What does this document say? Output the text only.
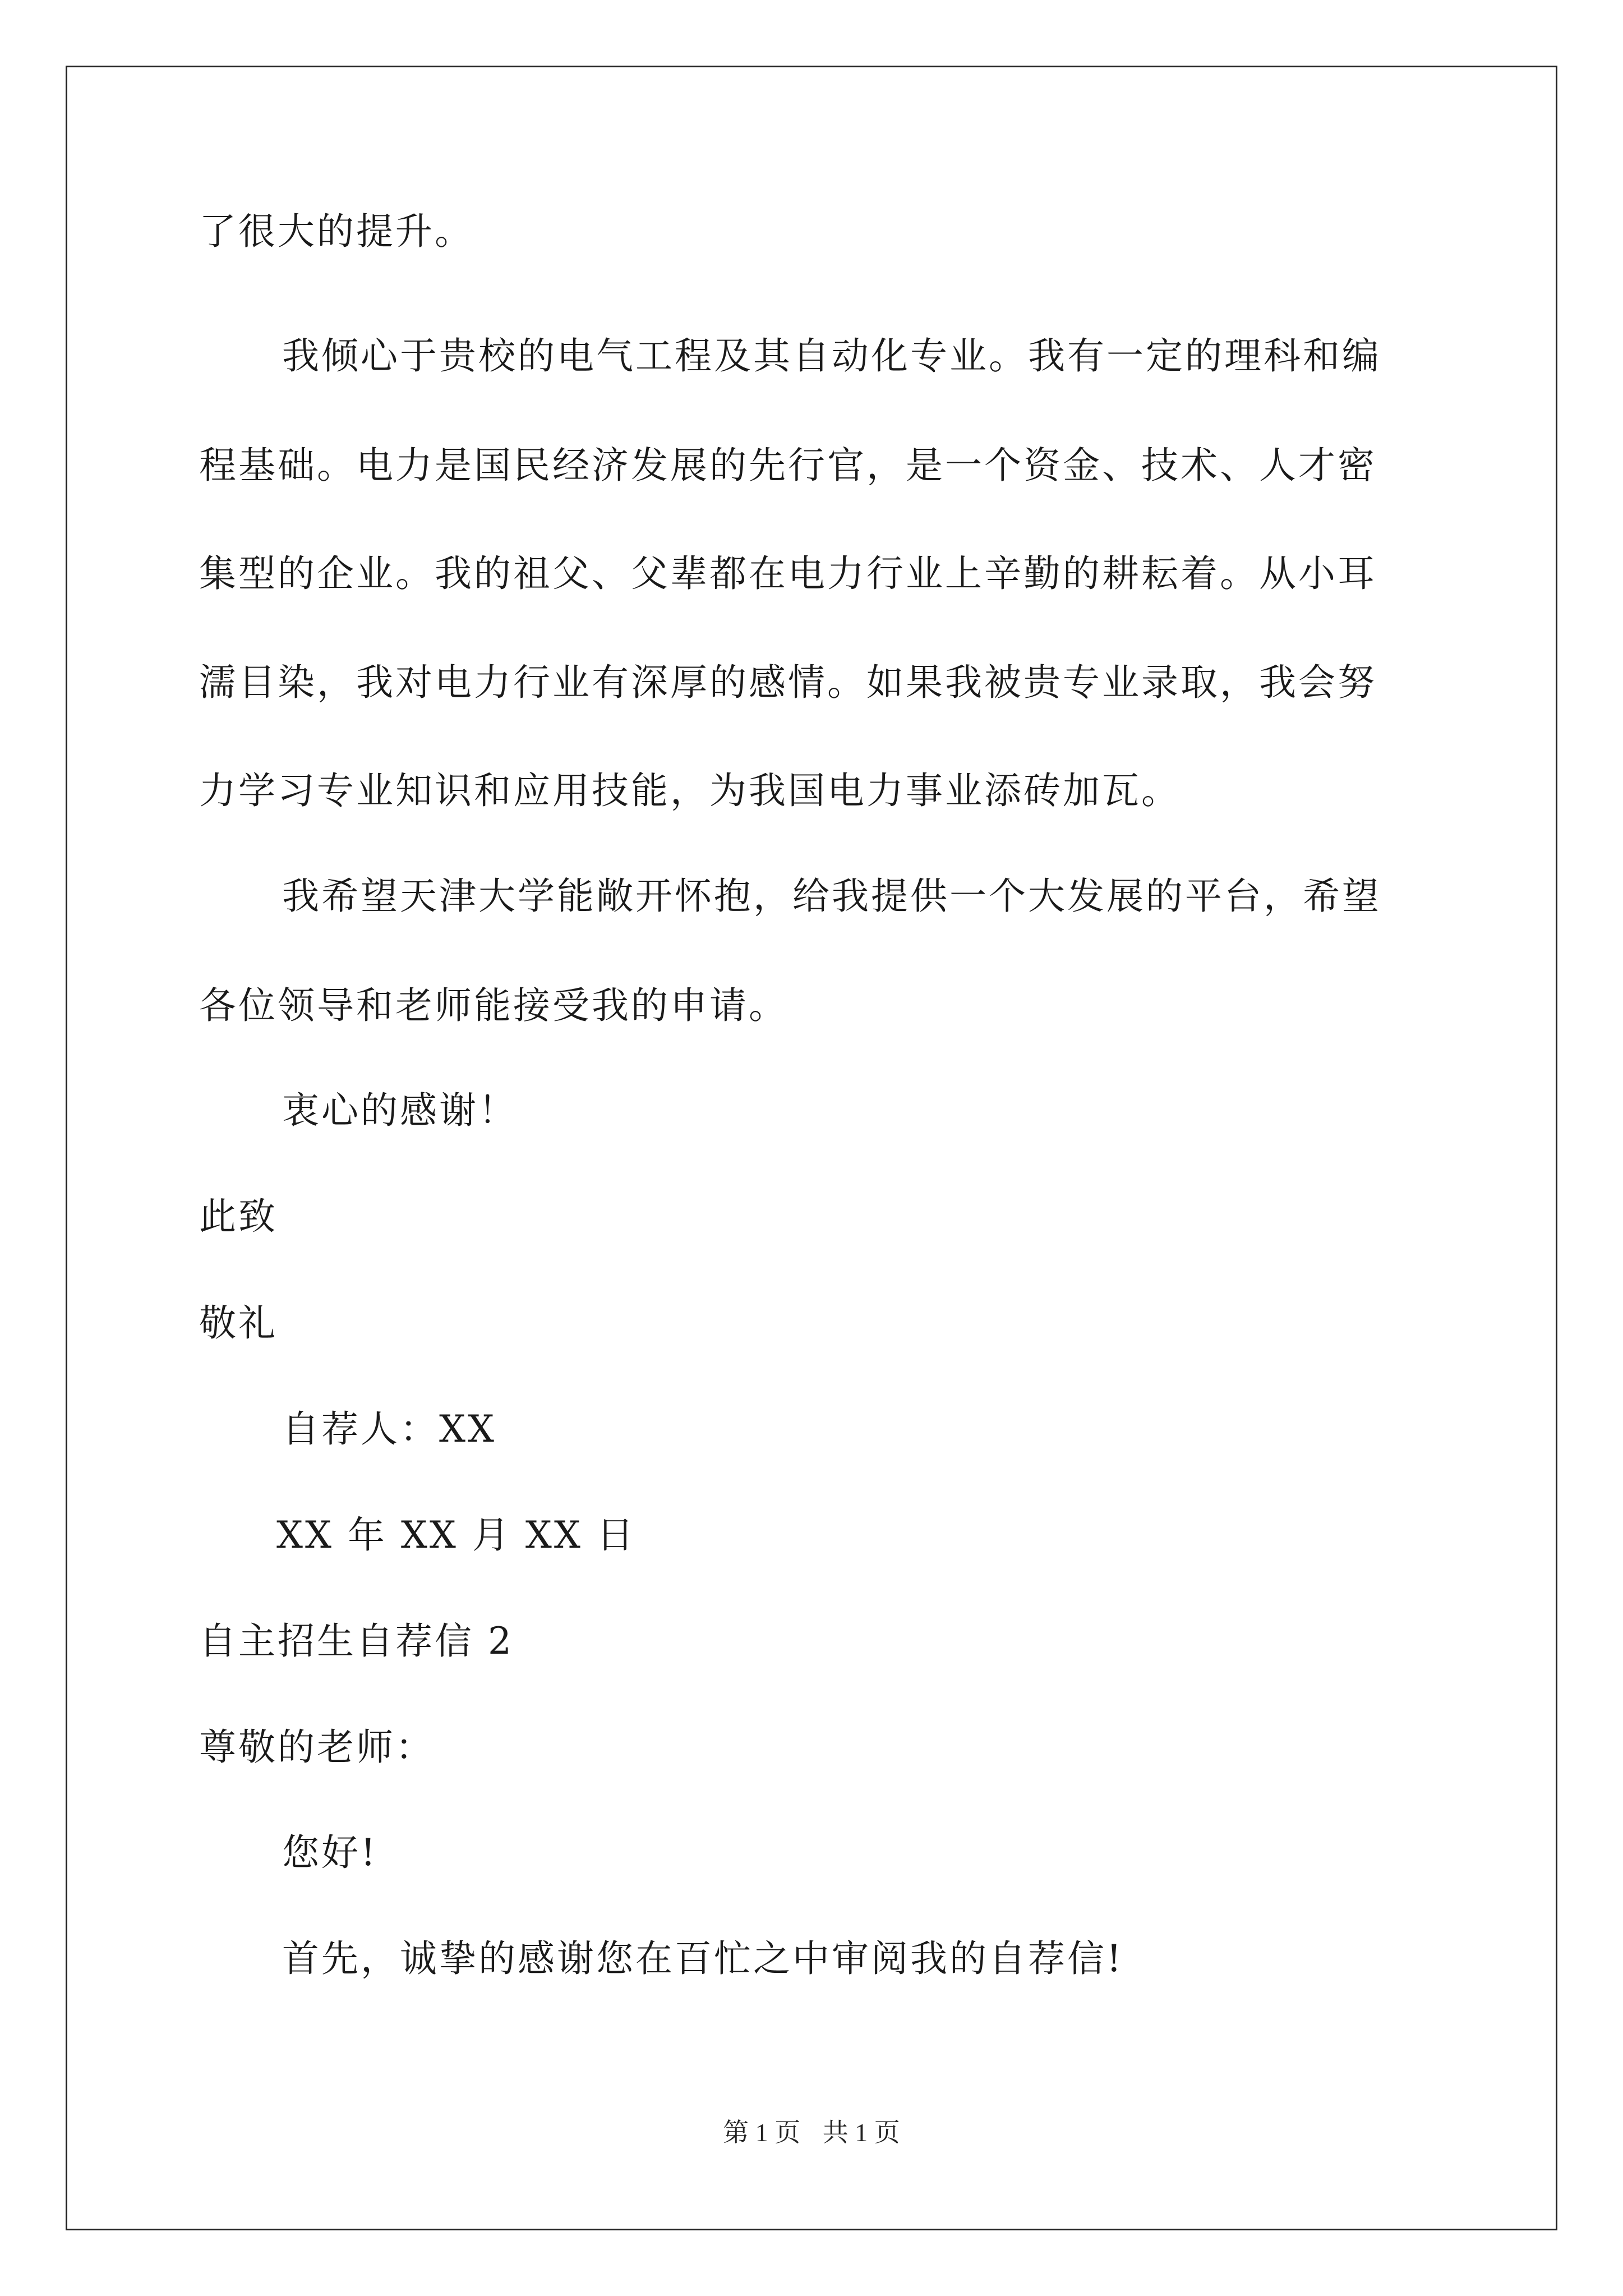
了很大的提升。
我倾心于贵校的电气工程及其自动化专业。我有一定的理科和编
程基础。电力是国民经济发展的先行官，是一个资金、技术、人才密
集型的企业。我的祖父、父辈都在电力行业上辛勤的耕耘着。从小耳
濡目染，我对电力行业有深厚的感情。如果我被贵专业录取，我会努
力学习专业知识和应用技能，为我国电力事业添砖加瓦。
我希望天津大学能敞开怀抱，给我提供一个大发展的平台，希望
各位领导和老师能接受我的申请。
衷心的感谢！
此致
敬礼
自荐人：XX
XX 年 XX 月 XX 日
自主招生自荐信 2
尊敬的老师：
您好!
首先，诚挚的感谢您在百忙之中审阅我的自荐信!
第 1 页 共 1 页
